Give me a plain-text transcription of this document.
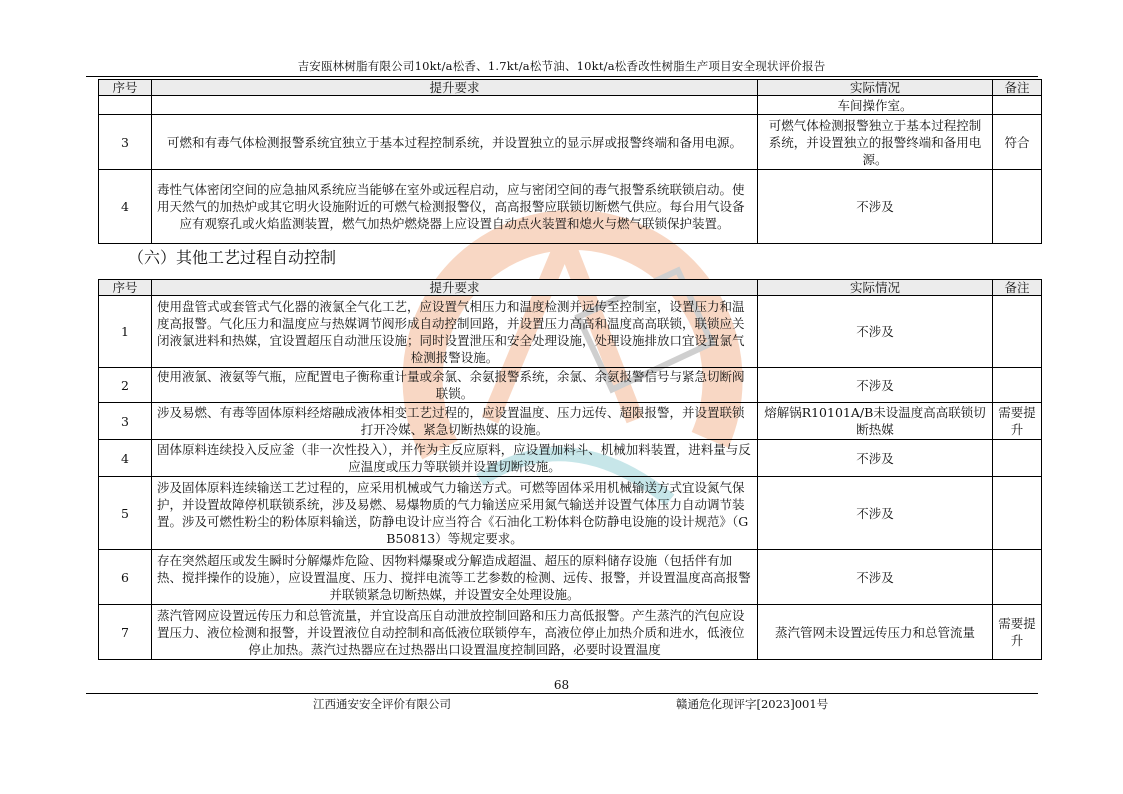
吉安瓯林树脂有限公司10kt/a松香、1.7kt/a松节油、10kt/a松香改性树脂生产项目安全现状评价报告
序号	提升要求	实际情况	备注
		车间操作室。	
3	可燃和有毒气体检测报警系统宜独立于基本过程控制系统，并设置独立的显示屏或报警终端和备用电源。	可燃气体检测报警独立于基本过程控制系统，并设置独立的报警终端和备用电源。	符合
4	毒性气体密闭空间的应急抽风系统应当能够在室外或远程启动，应与密闭空间的毒气报警系统联锁启动。使用天然气的加热炉或其它明火设施附近的可燃气检测报警仪，高高报警应联锁切断燃气供应。每台用气设备应有观察孔或火焰监测装置，燃气加热炉燃烧器上应设置自动点火装置和熄火与燃气联锁保护装置。	不涉及	
（六）其他工艺过程自动控制
序号	提升要求	实际情况	备注
1	使用盘管式或套管式气化器的液氯全气化工艺，应设置气相压力和温度检测并远传至控制室，设置压力和温度高报警。气化压力和温度应与热媒调节阀形成自动控制回路，并设置压力高高和温度高高联锁，联锁应关闭液氯进料和热媒，宜设置超压自动泄压设施；同时设置泄压和安全处理设施，处理设施排放口宜设置氯气检测报警设施。	不涉及	
2	使用液氯、液氨等气瓶，应配置电子衡称重计量或余氯、余氨报警系统，余氯、余氨报警信号与紧急切断阀联锁。	不涉及	
3	涉及易燃、有毒等固体原料经熔融成液体相变工艺过程的，应设置温度、压力远传、超限报警，并设置联锁打开冷媒、紧急切断热媒的设施。	熔解锅R10101A/B未设温度高高联锁切断热媒	需要提升
4	固体原料连续投入反应釜（非一次性投入），并作为主反应原料，应设置加料斗、机械加料装置，进料量与反应温度或压力等联锁并设置切断设施。	不涉及	
5	涉及固体原料连续输送工艺过程的，应采用机械或气力输送方式。可燃等固体采用机械输送方式宜设氮气保护，并设置故障停机联锁系统，涉及易燃、易爆物质的气力输送应采用氮气输送并设置气体压力自动调节装置。涉及可燃性粉尘的粉体原料输送，防静电设计应当符合《石油化工粉体料仓防静电设施的设计规范》（GB50813）等规定要求。	不涉及	
6	存在突然超压或发生瞬时分解爆炸危险、因物料爆聚或分解造成超温、超压的原料储存设施（包括伴有加热、搅拌操作的设施），应设置温度、压力、搅拌电流等工艺参数的检测、远传、报警，并设置温度高高报警并联锁紧急切断热媒，并设置安全处理设施。	不涉及	
7	蒸汽管网应设置远传压力和总管流量，并宜设高压自动泄放控制回路和压力高低报警。产生蒸汽的汽包应设置压力、液位检测和报警，并设置液位自动控制和高低液位联锁停车，高液位停止加热介质和进水，低液位停止加热。蒸汽过热器应在过热器出口设置温度控制回路，必要时设置温度	蒸汽管网未设置远传压力和总管流量	需要提升
68
江西通安安全评价有限公司	赣通危化现评字[2023]001号
